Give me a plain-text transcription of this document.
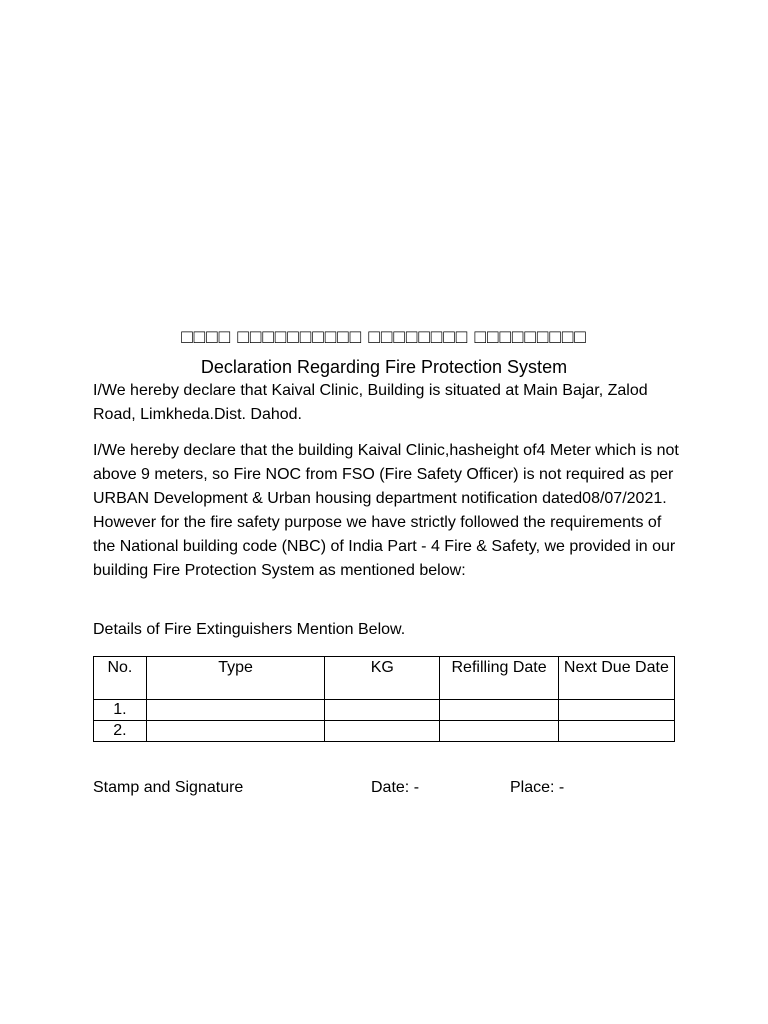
□□□□ □□□□□□□□□□ □□□□□□□□ □□□□□□□□□
Declaration Regarding Fire Protection System

I/We hereby declare that Kaival Clinic, Building is situated at Main Bajar, Zalod Road, Limkheda.Dist. Dahod.

I/We hereby declare that the building Kaival Clinic,hasheight of4 Meter which is not above 9 meters, so Fire NOC from FSO (Fire Safety Officer) is not required as per URBAN Development & Urban housing department notification dated08/07/2021. However for the fire safety purpose we have strictly followed the requirements of the National building code (NBC) of India Part - 4 Fire & Safety, we provided in our building Fire Protection System as mentioned below:

Details of Fire Extinguishers Mention Below.

No.	Type	KG	Refilling Date	Next Due Date
1.				
2.				
Stamp and Signature	Date: -	Place: -
